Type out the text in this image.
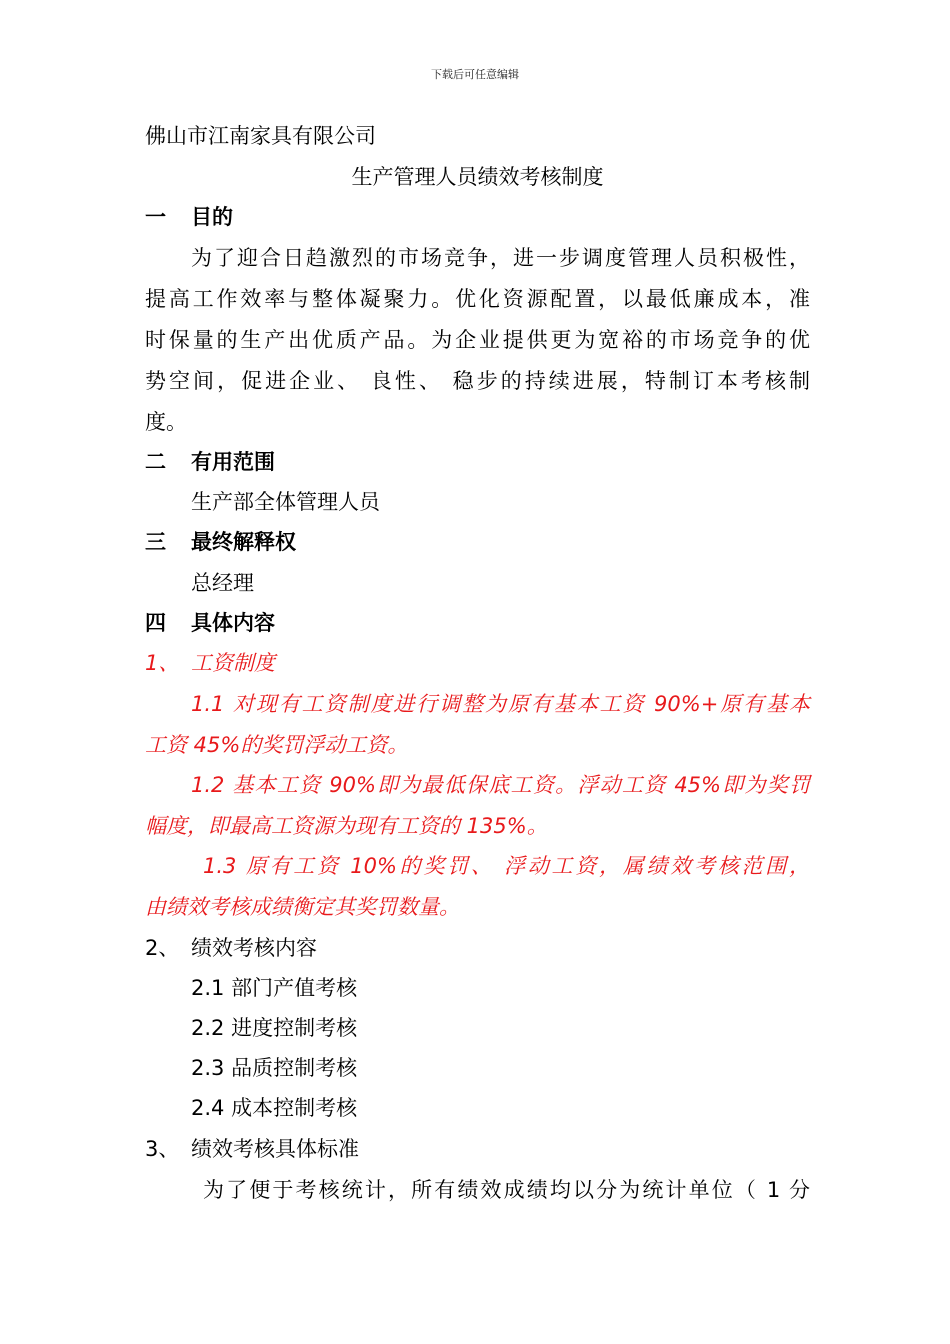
下载后可任意编辑
佛山市江南家具有限公司
生产管理人员绩效考核制度
一 目的
为了迎合日趋激烈的市场竞争，进一步调度管理人员积极性，
提高工作效率与整体凝聚力。优化资源配置，以最低廉成本，准
时保量的生产出优质产品。为企业提供更为宽裕的市场竞争的优
势空间，促进企业、 良性、 稳步的持续进展，特制订本考核制
度。
二 有用范围
生产部全体管理人员
三 最终解释权
总经理
四 具体内容
1、 工资制度
1.1 对现有工资制度进行调整为原有基本工资 90%+原有基本
工资 45%的奖罚浮动工资。
1.2 基本工资 90%即为最低保底工资。浮动工资 45%即为奖罚
幅度，即最高工资源为现有工资的 135%。
1.3 原有工资 10%的奖罚、 浮动工资，属绩效考核范围，
由绩效考核成绩衡定其奖罚数量。
2、 绩效考核内容
2.1 部门产值考核
2.2 进度控制考核
2.3 品质控制考核
2.4 成本控制考核
3、 绩效考核具体标准
为了便于考核统计，所有绩效成绩均以分为统计单位（ 1 分
